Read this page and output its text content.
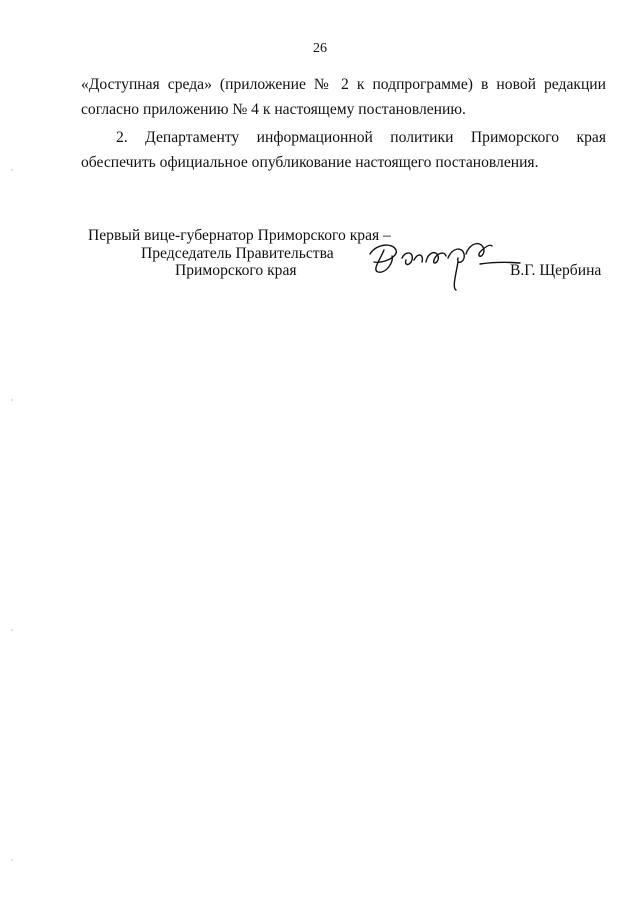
26
«Доступная среда» (приложение № 2 к подпрограмме) в новой редакции
согласно приложению № 4 к настоящему постановлению.
2. Департаменту информационной политики Приморского края
обеспечить официальное опубликование настоящего постановления.
Первый вице-губернатор Приморского края –
Председатель Правительства
Приморского края	В.Г. Щербина
